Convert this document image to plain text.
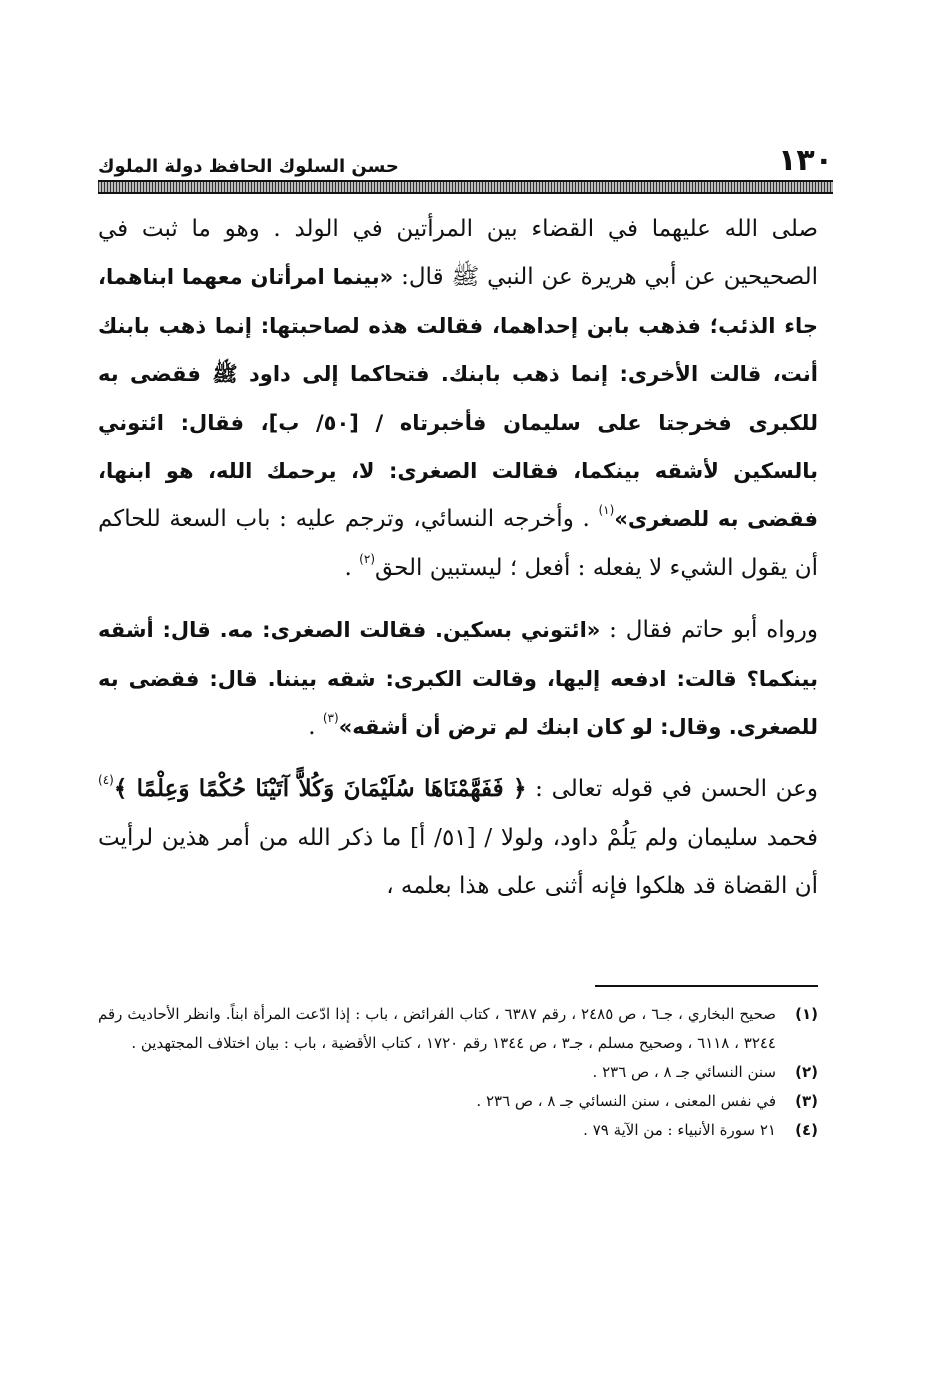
١٣٠
حسن السلوك الحافظ دولة الملوك

صلى الله عليهما في القضاء بين المرأتين في الولد . وهو ما ثبت في الصحيحين عن أبي هريرة عن النبي ﷺ قال: «بينما امرأتان معهما ابناهما، جاء الذئب؛ فذهب بابن إحداهما، فقالت هذه لصاحبتها: إنما ذهب بابنك أنت، قالت الأخرى: إنما ذهب بابنك. فتحاكما إلى داود ﷺ فقضى به للكبرى فخرجتا على سليمان فأخبرتاه / [٥٠/ ب]، فقال: ائتوني بالسكين لأشقه بينكما، فقالت الصغرى: لا، يرحمك الله، هو ابنها، فقضى به للصغرى»$^{(١)}$ . وأخرجه النسائي، وترجم عليه : باب السعة للحاكم أن يقول الشيء لا يفعله : أفعل ؛ ليستبين الحق$^{(٢)}$ .

ورواه أبو حاتم فقال : «ائتوني بسكين. فقالت الصغرى: مه. قال: أشقه بينكما؟ قالت: ادفعه إليها، وقالت الكبرى: شقه بيننا. قال: فقضى به للصغرى. وقال: لو كان ابنك لم ترض أن أشقه»$^{(٣)}$ .

وعن الحسن في قوله تعالى : ﴿ فَفَهَّمْنَاهَا سُلَيْمَانَ وَكُلاًّ آتَيْنَا حُكْمًا وَعِلْمًا ﴾$^{(٤)}$ فحمد سليمان ولم يَلُمْ داود، ولولا / [٥١/ أ] ما ذكر الله من أمر هذين لرأيت أن القضاة قد هلكوا فإنه أثنى على هذا بعلمه ،

(١)
صحيح البخاري ، جـ٦ ، ص ٢٤٨٥ ، رقم ٦٣٨٧ ، كتاب الفرائض ، باب : إذا ادّعت المرأة ابناً. وانظر الأحاديث رقم ٣٢٤٤ ، ٦١١٨ ، وصحيح مسلم ، جـ٣ ، ص ١٣٤٤ رقم ١٧٢٠ ، كتاب الأقضية ، باب : بيان اختلاف المجتهدين .
(٢)
سنن النسائي جـ ٨ ، ص ٢٣٦ .
(٣)
في نفس المعنى ، سنن النسائي جـ ٨ ، ص ٢٣٦ .
(٤)
٢١ سورة الأنبياء : من الآية ٧٩ .
